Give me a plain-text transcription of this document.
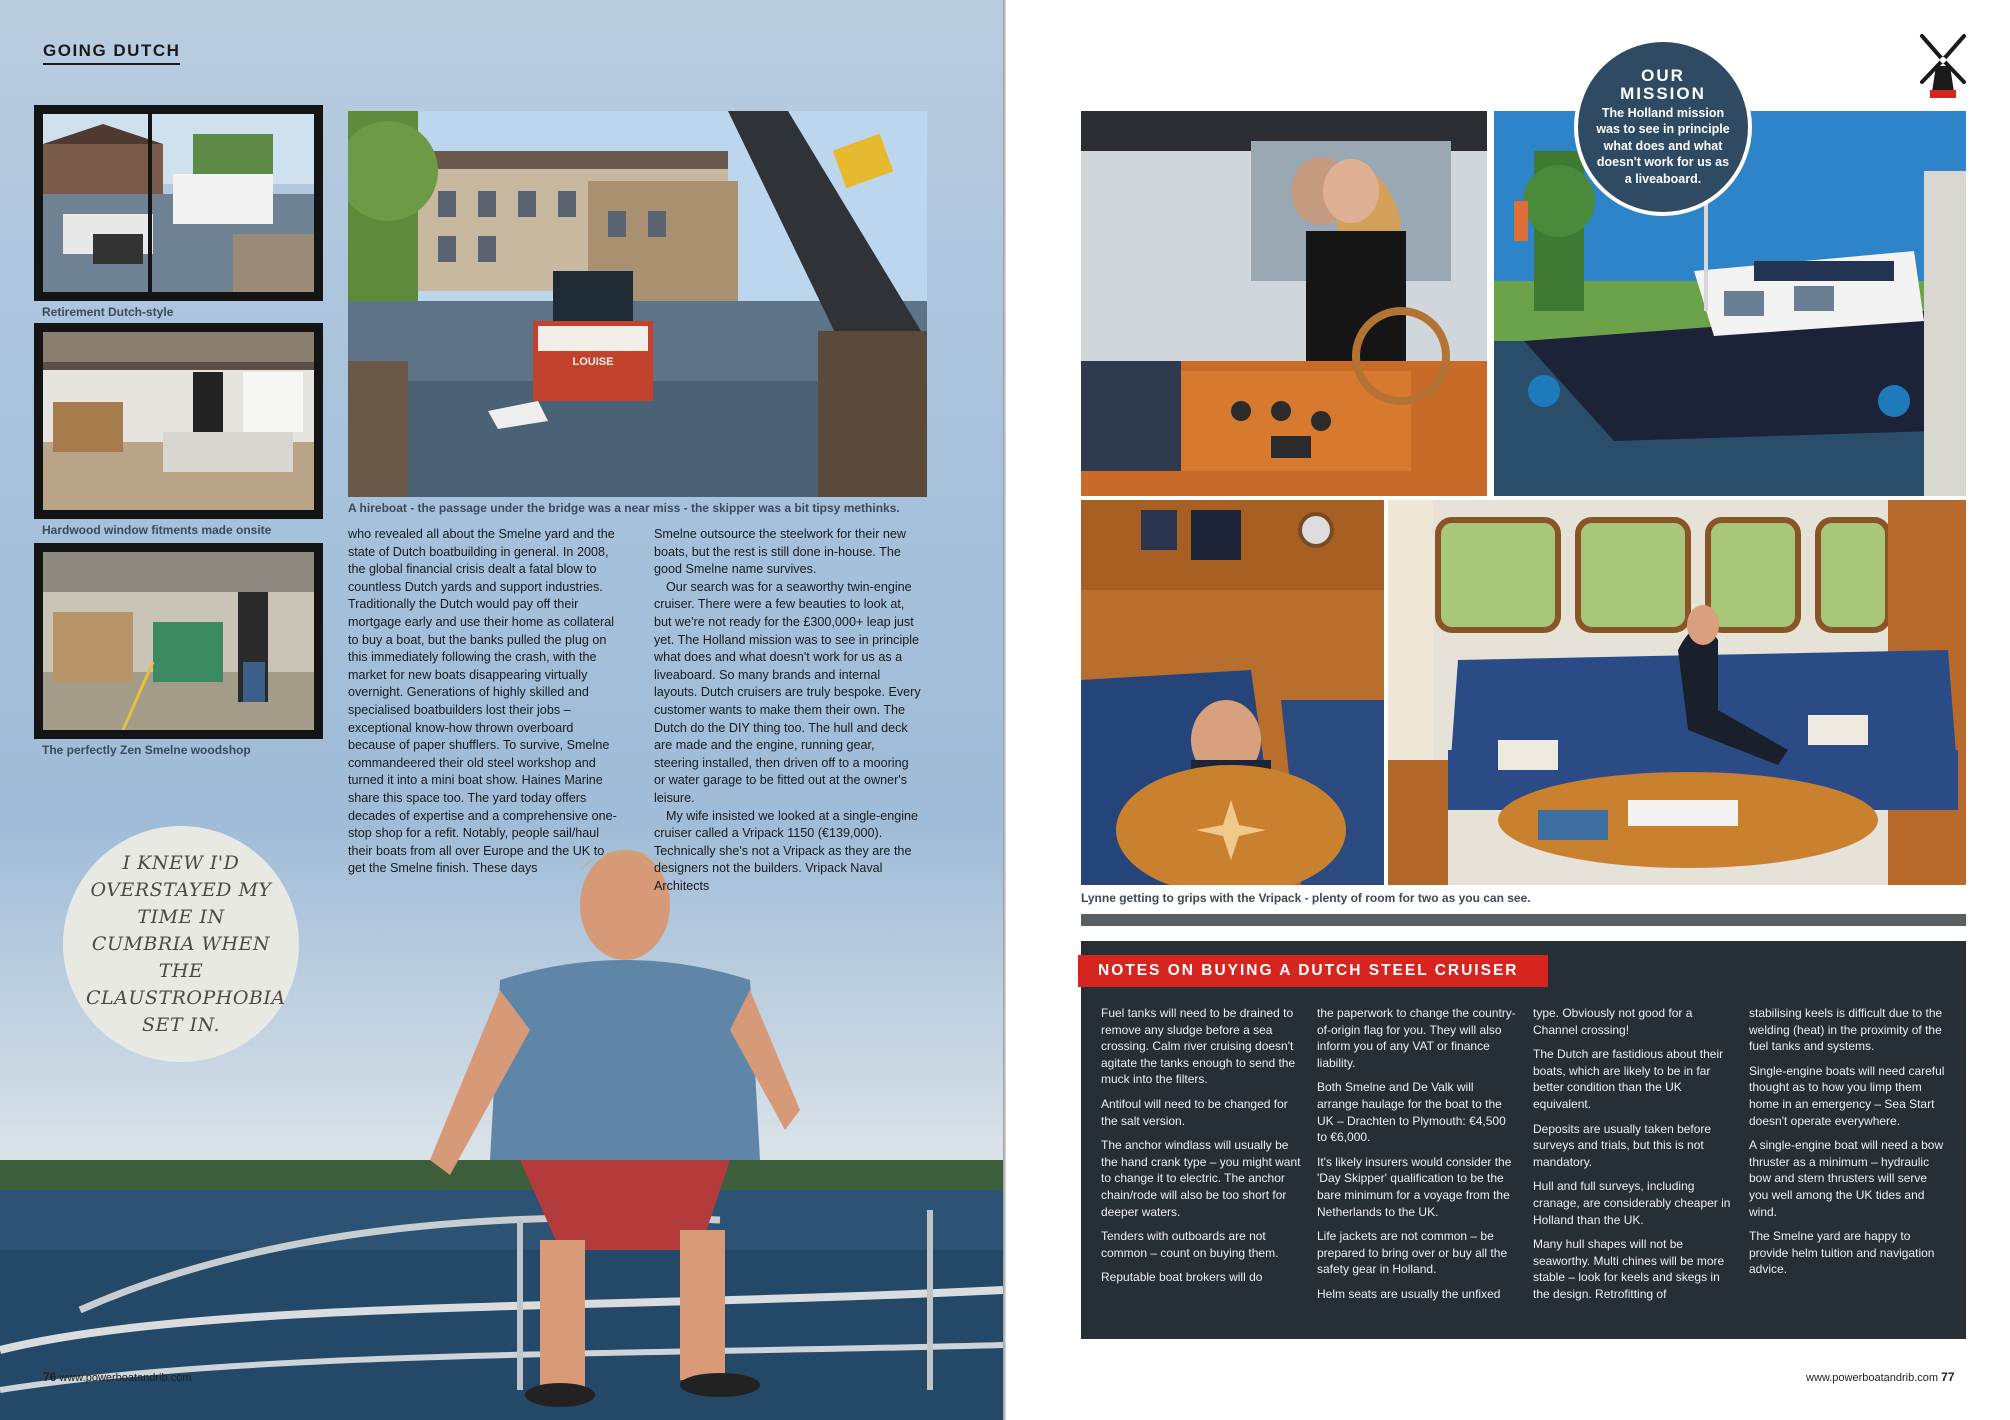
GOING DUTCH
Retirement Dutch-style
Hardwood window fitments made onsite
The perfectly Zen Smelne woodshop
LOUISE
A hireboat - the passage under the bridge was a near miss - the skipper was a bit tipsy methinks.

who revealed all about the Smelne yard and the state of Dutch boatbuilding in general. In 2008, the global financial crisis dealt a fatal blow to countless Dutch yards and support industries. Traditionally the Dutch would pay off their mortgage early and use their home as collateral to buy a boat, but the banks pulled the plug on this immediately following the crash, with the market for new boats disappearing virtually overnight. Generations of highly skilled and specialised boatbuilders lost their jobs – exceptional know-how thrown overboard because of paper shufflers. To survive, Smelne commandeered their old steel workshop and turned it into a mini boat show. Haines Marine share this space too. The yard today offers decades of expertise and a comprehensive one-stop shop for a refit. Notably, people sail/haul their boats from all over Europe and the UK to get the Smelne finish. These days

Smelne outsource the steelwork for their new boats, but the rest is still done in-house. The good Smelne name survives.

Our search was for a seaworthy twin-engine cruiser. There were a few beauties to look at, but we're not ready for the £300,000+ leap just yet. The Holland mission was to see in principle what does and what doesn't work for us as a liveaboard. So many brands and internal layouts. Dutch cruisers are truly bespoke. Every customer wants to make them their own. The Dutch do the DIY thing too. The hull and deck are made and the engine, running gear, steering installed, then driven off to a mooring or water garage to be fitted out at the owner's leisure.

My wife insisted we looked at a single-engine cruiser called a Vripack 1150 (€139,000). Technically she's not a Vripack as they are the designers not the builders. Vripack Naval Architects

I KNEW I'D OVERSTAYED MY TIME IN CUMBRIA WHEN THE CLAUSTROPHOBIA SET IN.
76 www.powerboatandrib.com
Lynne getting to grips with the Vripack - plenty of room for two as you can see.
OUR
MISSION
The Holland mission was to see in principle what does and what doesn't work for us as a liveaboard.
NOTES ON BUYING A DUTCH STEEL CRUISER

Fuel tanks will need to be drained to remove any sludge before a sea crossing. Calm river cruising doesn't agitate the tanks enough to send the muck into the filters.

Antifoul will need to be changed for the salt version.

The anchor windlass will usually be the hand crank type – you might want to change it to electric. The anchor chain/rode will also be too short for deeper waters.

Tenders with outboards are not common – count on buying them.

Reputable boat brokers will do

the paperwork to change the country-of-origin flag for you. They will also inform you of any VAT or finance liability.

Both Smelne and De Valk will arrange haulage for the boat to the UK – Drachten to Plymouth: €4,500 to €6,000.

It's likely insurers would consider the 'Day Skipper' qualification to be the bare minimum for a voyage from the Netherlands to the UK.

Life jackets are not common – be prepared to bring over or buy all the safety gear in Holland.

Helm seats are usually the unfixed

type. Obviously not good for a Channel crossing!

The Dutch are fastidious about their boats, which are likely to be in far better condition than the UK equivalent.

Deposits are usually taken before surveys and trials, but this is not mandatory.

Hull and full surveys, including cranage, are considerably cheaper in Holland than the UK.

Many hull shapes will not be seaworthy. Multi chines will be more stable – look for keels and skegs in the design. Retrofitting of

stabilising keels is difficult due to the welding (heat) in the proximity of the fuel tanks and systems.

Single-engine boats will need careful thought as to how you limp them home in an emergency – Sea Start doesn't operate everywhere.

A single-engine boat will need a bow thruster as a minimum – hydraulic bow and stern thrusters will serve you well among the UK tides and wind.

The Smelne yard are happy to provide helm tuition and navigation advice.

www.powerboatandrib.com 77
